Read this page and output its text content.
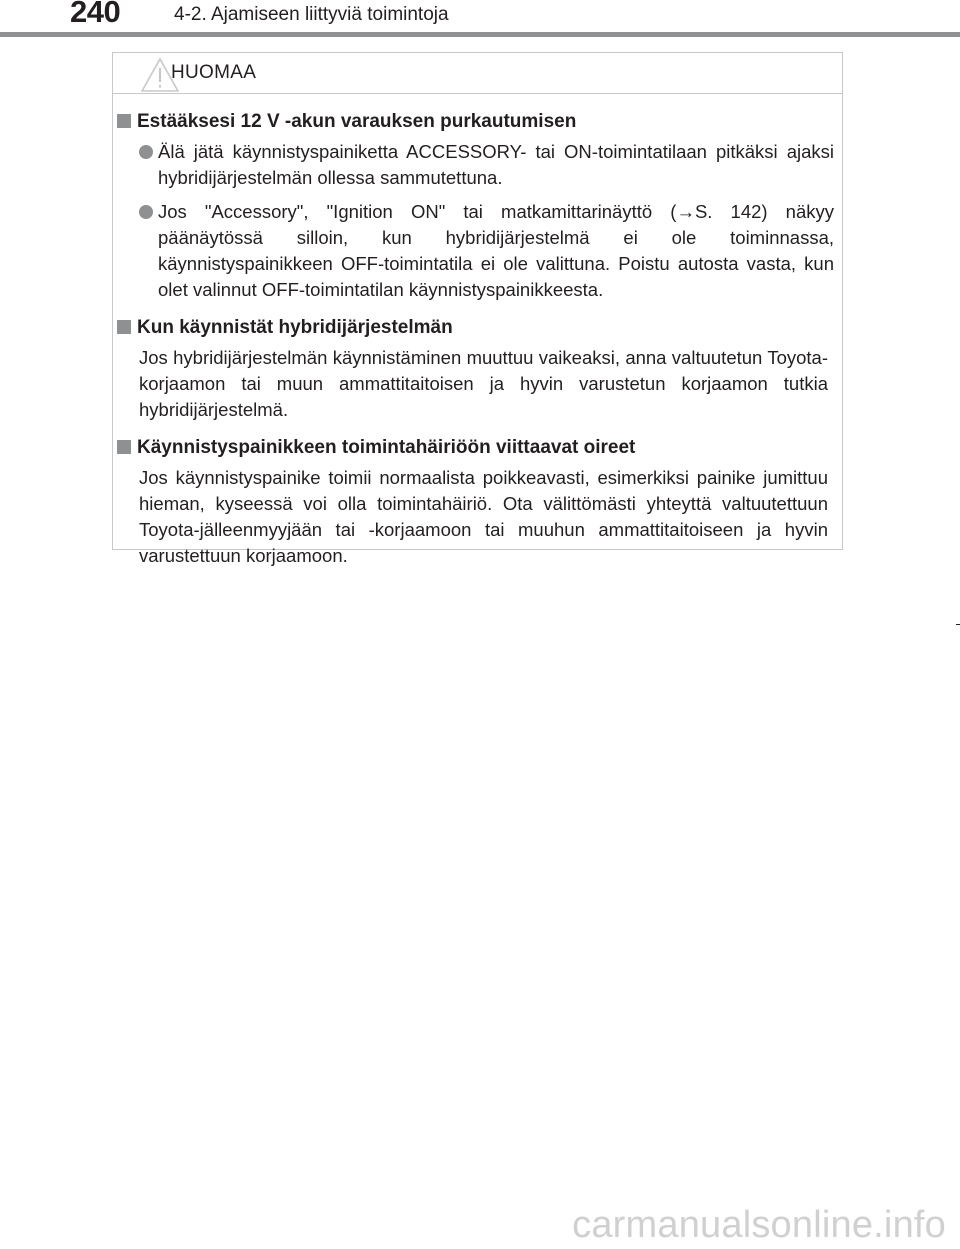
240	4-2. Ajamiseen liittyviä toimintoja
HUOMAA
Estääksesi 12 V -akun varauksen purkautumisen
Älä jätä käynnistyspainiketta ACCESSORY- tai ON-toimintatilaan pitkäksi ajaksi hybridijärjestelmän ollessa sammutettuna.
Jos "Accessory", "Ignition ON" tai matkamittarinäyttö (→S. 142) näkyy päänäytössä silloin, kun hybridijärjestelmä ei ole toiminnassa, käynnistyspainikkeen OFF-toimintatila ei ole valittuna. Poistu autosta vasta, kun olet valinnut OFF-toimintatilan käynnistyspainikkeesta.
Kun käynnistät hybridijärjestelmän
Jos hybridijärjestelmän käynnistäminen muuttuu vaikeaksi, anna valtuutetun Toyota-korjaamon tai muun ammattitaitoisen ja hyvin varustetun korjaamon tutkia hybridijärjestelmä.
Käynnistyspainikkeen toimintahäiriöön viittaavat oireet
Jos käynnistyspainike toimii normaalista poikkeavasti, esimerkiksi painike jumittuu hieman, kyseessä voi olla toimintahäiriö. Ota välittömästi yhteyttä valtuutettuun Toyota-jälleenmyyjään tai -korjaamoon tai muuhun ammattitaitoiseen ja hyvin varustettuun korjaamoon.
carmanualsonline.info
